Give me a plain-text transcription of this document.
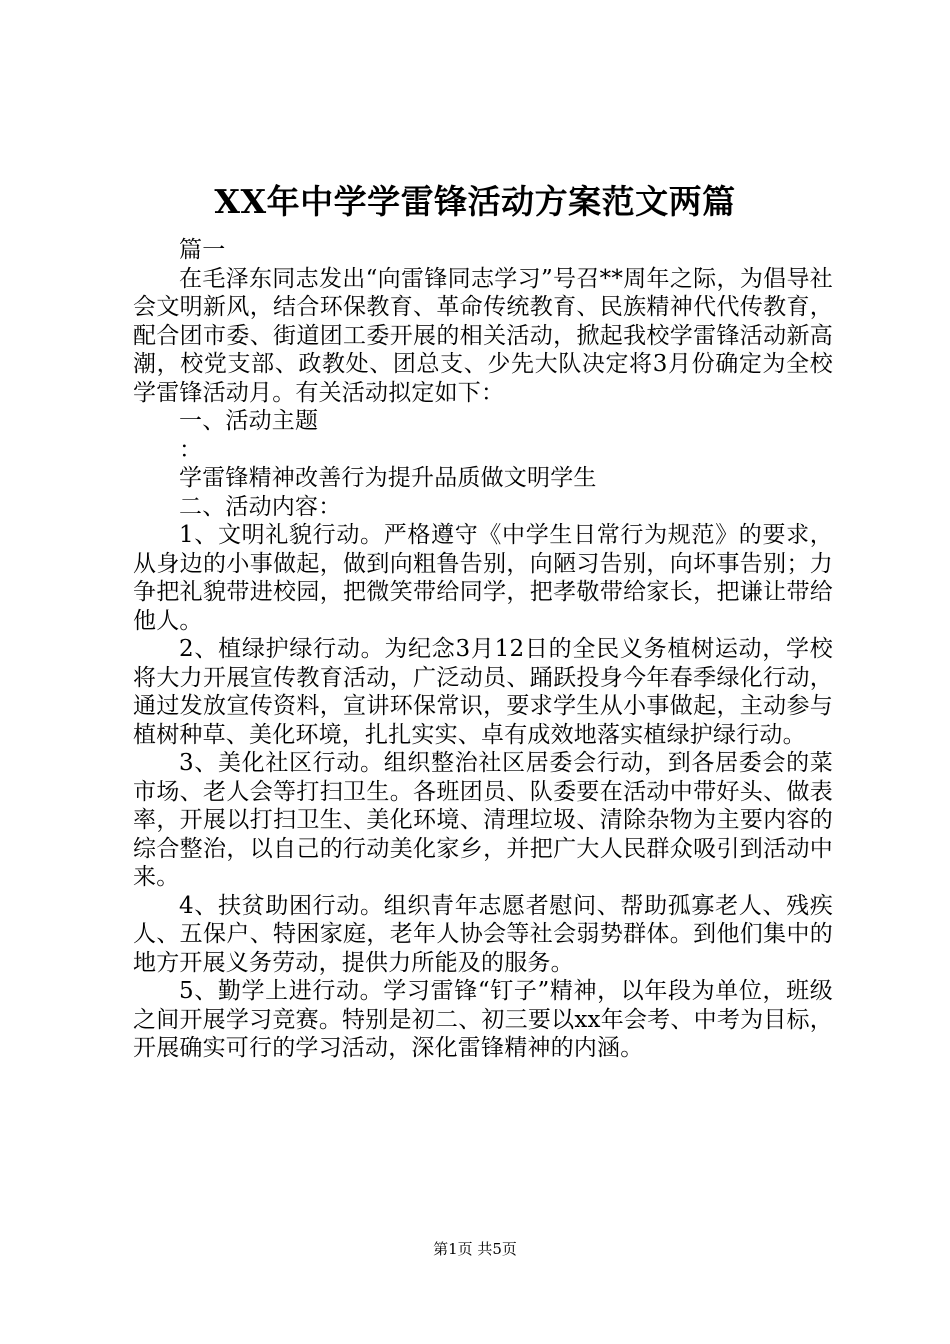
XX年中学学雷锋活动方案范文两篇

篇一

在毛泽东同志发出“向雷锋同志学习”号召**周年之际，为倡导社会文明新风，结合环保教育、革命传统教育、民族精神代代传教育，配合团市委、街道团工委开展的相关活动，掀起我校学雷锋活动新高潮，校党支部、政教处、团总支、少先大队决定将3月份确定为全校学雷锋活动月。有关活动拟定如下：

一、活动主题

：

学雷锋精神改善行为提升品质做文明学生

二、活动内容：

1、文明礼貌行动。严格遵守《中学生日常行为规范》的要求，从身边的小事做起，做到向粗鲁告别，向陋习告别，向坏事告别；力争把礼貌带进校园，把微笑带给同学，把孝敬带给家长，把谦让带给他人。

2、植绿护绿行动。为纪念3月12日的全民义务植树运动，学校将大力开展宣传教育活动，广泛动员、踊跃投身今年春季绿化行动，通过发放宣传资料，宣讲环保常识，要求学生从小事做起，主动参与植树种草、美化环境，扎扎实实、卓有成效地落实植绿护绿行动。

3、美化社区行动。组织整治社区居委会行动，到各居委会的菜市场、老人会等打扫卫生。各班团员、队委要在活动中带好头、做表率，开展以打扫卫生、美化环境、清理垃圾、清除杂物为主要内容的综合整治，以自己的行动美化家乡，并把广大人民群众吸引到活动中来。

4、扶贫助困行动。组织青年志愿者慰问、帮助孤寡老人、残疾人、五保户、特困家庭，老年人协会等社会弱势群体。到他们集中的地方开展义务劳动，提供力所能及的服务。

5、勤学上进行动。学习雷锋“钉子”精神，以年段为单位，班级之间开展学习竞赛。特别是初二、初三要以xx年会考、中考为目标，开展确实可行的学习活动，深化雷锋精神的内涵。

第1页 共5页
